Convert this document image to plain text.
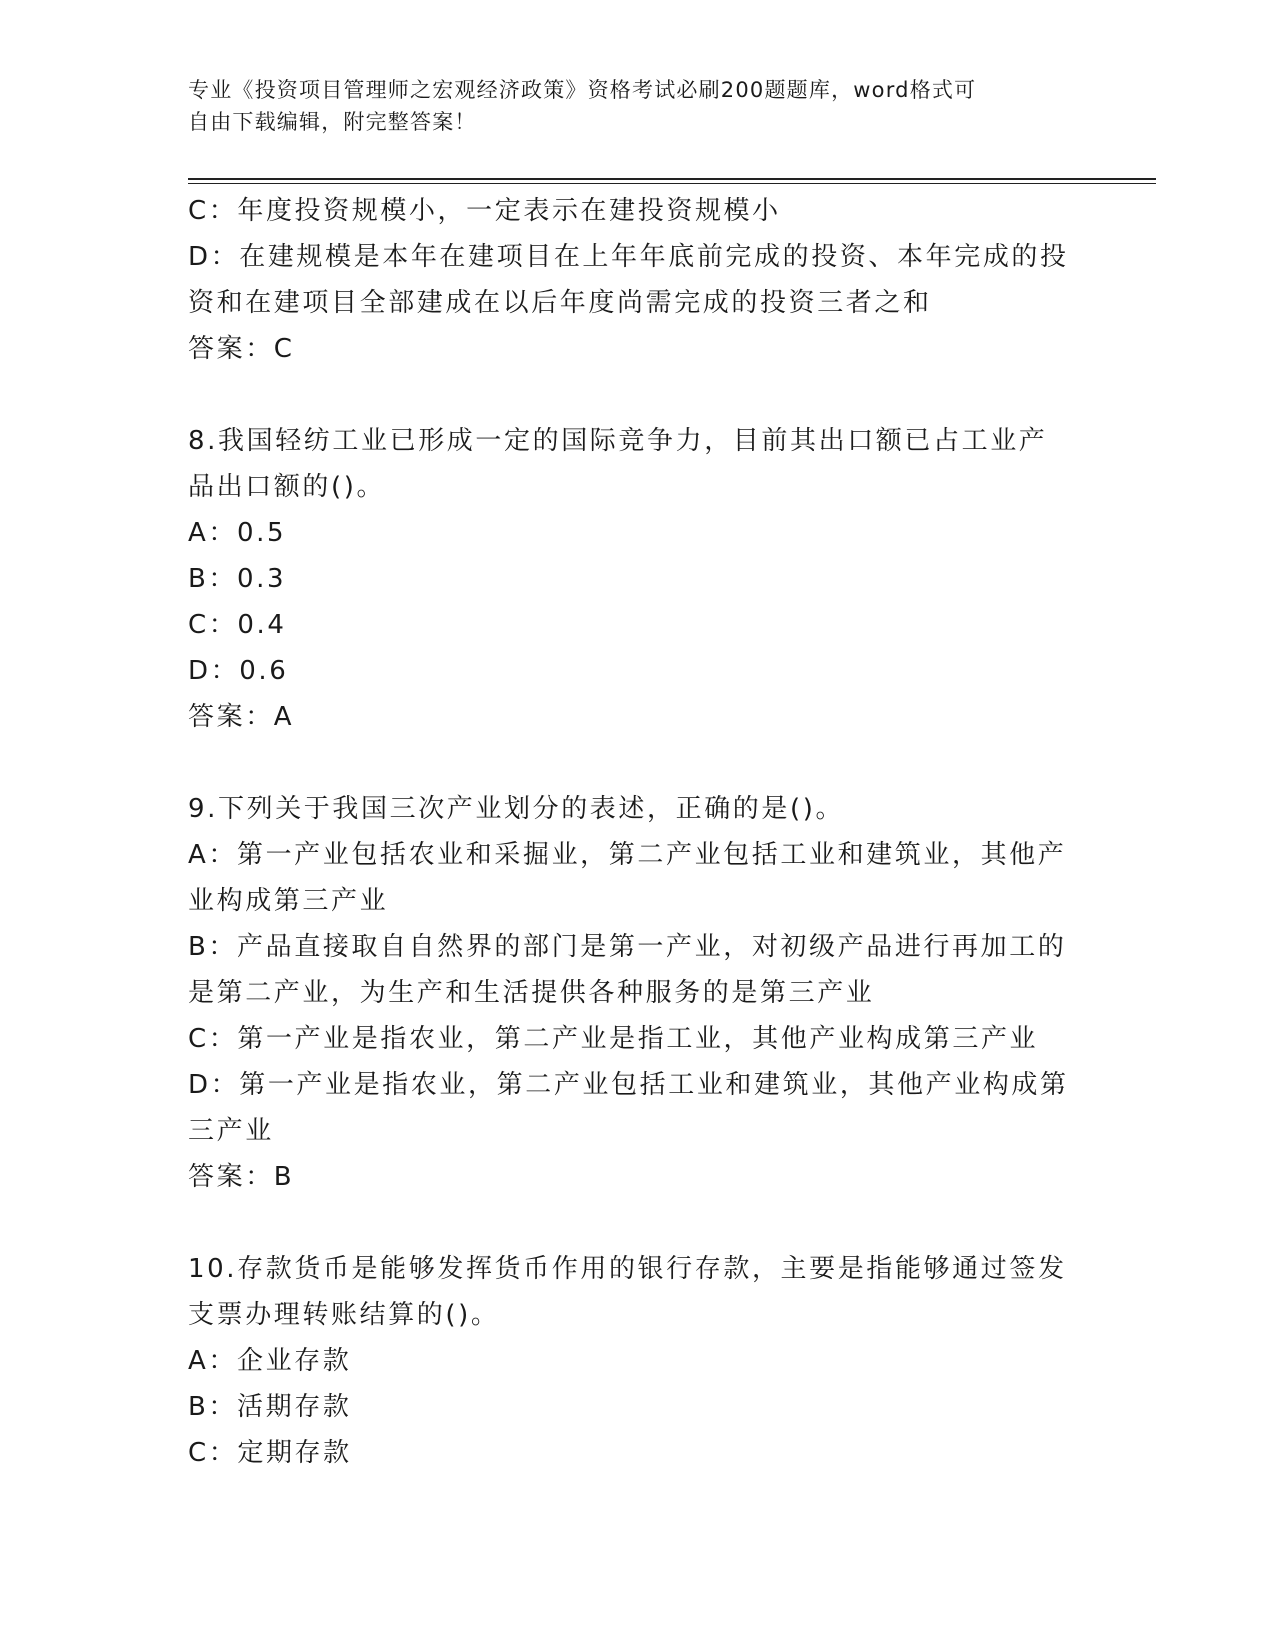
专业《投资项目管理师之宏观经济政策》资格考试必刷200题题库，word格式可
自由下载编辑，附完整答案！

C：年度投资规模小，一定表示在建投资规模小

D：在建规模是本年在建项目在上年年底前完成的投资、本年完成的投

资和在建项目全部建成在以后年度尚需完成的投资三者之和

答案：C

8.我国轻纺工业已形成一定的国际竞争力，目前其出口额已占工业产

品出口额的()。

A：0.5

B：0.3

C：0.4

D：0.6

答案：A

9.下列关于我国三次产业划分的表述，正确的是()。

A：第一产业包括农业和采掘业，第二产业包括工业和建筑业，其他产

业构成第三产业

B：产品直接取自自然界的部门是第一产业，对初级产品进行再加工的

是第二产业，为生产和生活提供各种服务的是第三产业

C：第一产业是指农业，第二产业是指工业，其他产业构成第三产业

D：第一产业是指农业，第二产业包括工业和建筑业，其他产业构成第

三产业

答案：B

10.存款货币是能够发挥货币作用的银行存款，主要是指能够通过签发

支票办理转账结算的()。

A：企业存款

B：活期存款

C：定期存款
